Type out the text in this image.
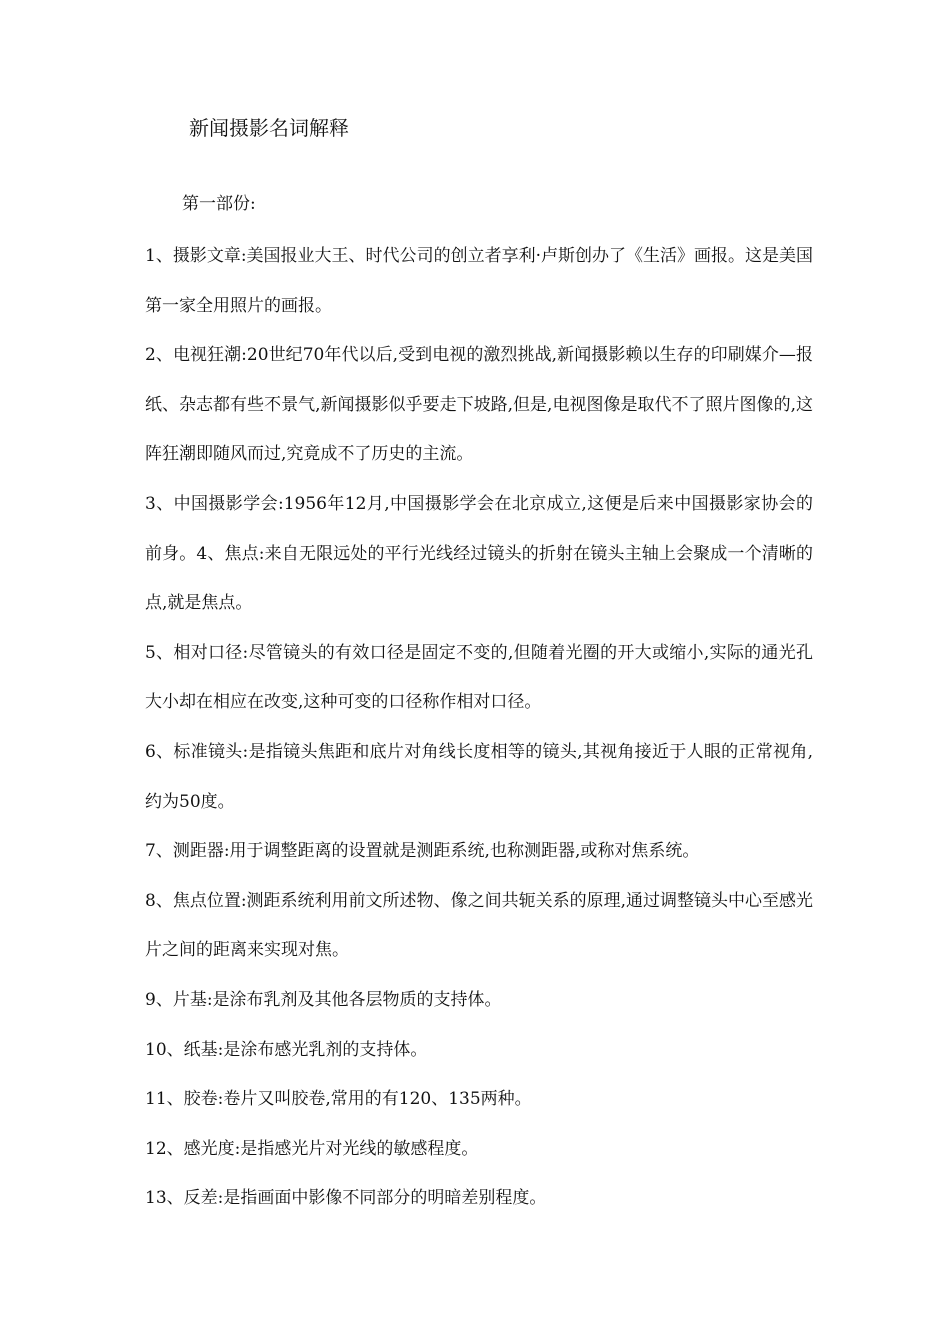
新闻摄影名词解释

第一部份:

1、摄影文章:美国报业大王、时代公司的创立者享利·卢斯创办了《生活》画报。这是美国第一家全用照片的画报。

2、电视狂潮:20世纪70年代以后,受到电视的激烈挑战,新闻摄影赖以生存的印刷媒介—报纸、杂志都有些不景气,新闻摄影似乎要走下坡路,但是,电视图像是取代不了照片图像的,这阵狂潮即随风而过,究竟成不了历史的主流。

3、中国摄影学会:1956年12月,中国摄影学会在北京成立,这便是后来中国摄影家协会的前身。4、焦点:来自无限远处的平行光线经过镜头的折射在镜头主轴上会聚成一个清晰的点,就是焦点。

5、相对口径:尽管镜头的有效口径是固定不变的,但随着光圈的开大或缩小,实际的通光孔大小却在相应在改变,这种可变的口径称作相对口径。

6、标准镜头:是指镜头焦距和底片对角线长度相等的镜头,其视角接近于人眼的正常视角,约为50度。

7、测距器:用于调整距离的设置就是测距系统,也称测距器,或称对焦系统。

8、焦点位置:测距系统利用前文所述物、像之间共轭关系的原理,通过调整镜头中心至感光片之间的距离来实现对焦。

9、片基:是涂布乳剂及其他各层物质的支持体。

10、纸基:是涂布感光乳剂的支持体。

11、胶卷:卷片又叫胶卷,常用的有120、135两种。

12、感光度:是指感光片对光线的敏感程度。

13、反差:是指画面中影像不同部分的明暗差别程度。
